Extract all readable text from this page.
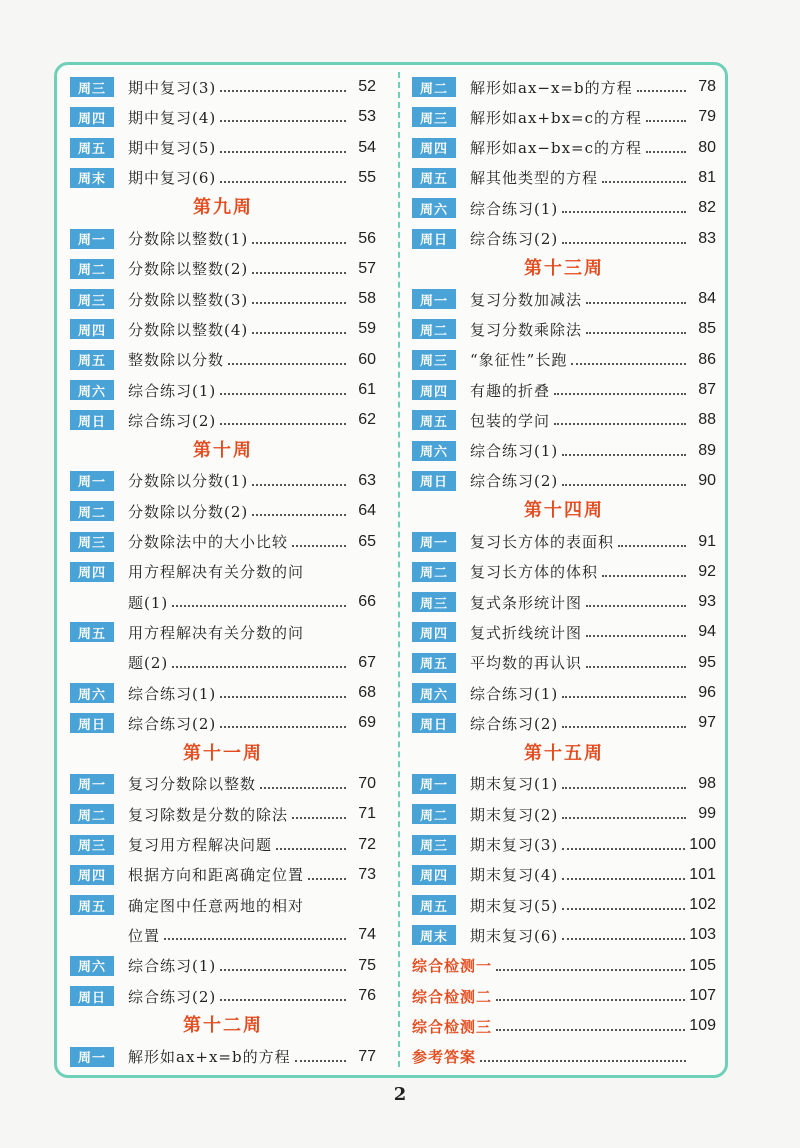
周三	期中复习(3)	52
周四	期中复习(4)	53
周五	期中复习(5)	54
周末	期中复习(6)	55
第九周
周一	分数除以整数(1)	56
周二	分数除以整数(2)	57
周三	分数除以整数(3)	58
周四	分数除以整数(4)	59
周五	整数除以分数	60
周六	综合练习(1)	61
周日	综合练习(2)	62
第十周
周一	分数除以分数(1)	63
周二	分数除以分数(2)	64
周三	分数除法中的大小比较	65
周四	用方程解决有关分数的问
题(1)	66
周五	用方程解决有关分数的问
题(2)	67
周六	综合练习(1)	68
周日	综合练习(2)	69
第十一周
周一	复习分数除以整数	70
周二	复习除数是分数的除法	71
周三	复习用方程解决问题	72
周四	根据方向和距离确定位置	73
周五	确定图中任意两地的相对
位置	74
周六	综合练习(1)	75
周日	综合练习(2)	76
第十二周
周一	解形如ax+x=b的方程	77
周二	解形如ax−x=b的方程	78
周三	解形如ax+bx=c的方程	79
周四	解形如ax−bx=c的方程	80
周五	解其他类型的方程	81
周六	综合练习(1)	82
周日	综合练习(2)	83
第十三周
周一	复习分数加减法	84
周二	复习分数乘除法	85
周三	“象征性”长跑	86
周四	有趣的折叠	87
周五	包装的学问	88
周六	综合练习(1)	89
周日	综合练习(2)	90
第十四周
周一	复习长方体的表面积	91
周二	复习长方体的体积	92
周三	复式条形统计图	93
周四	复式折线统计图	94
周五	平均数的再认识	95
周六	综合练习(1)	96
周日	综合练习(2)	97
第十五周
周一	期末复习(1)	98
周二	期末复习(2)	99
周三	期末复习(3)	100
周四	期末复习(4)	101
周五	期末复习(5)	102
周末	期末复习(6)	103
综合检测一	105
综合检测二	107
综合检测三	109
参考答案
2
